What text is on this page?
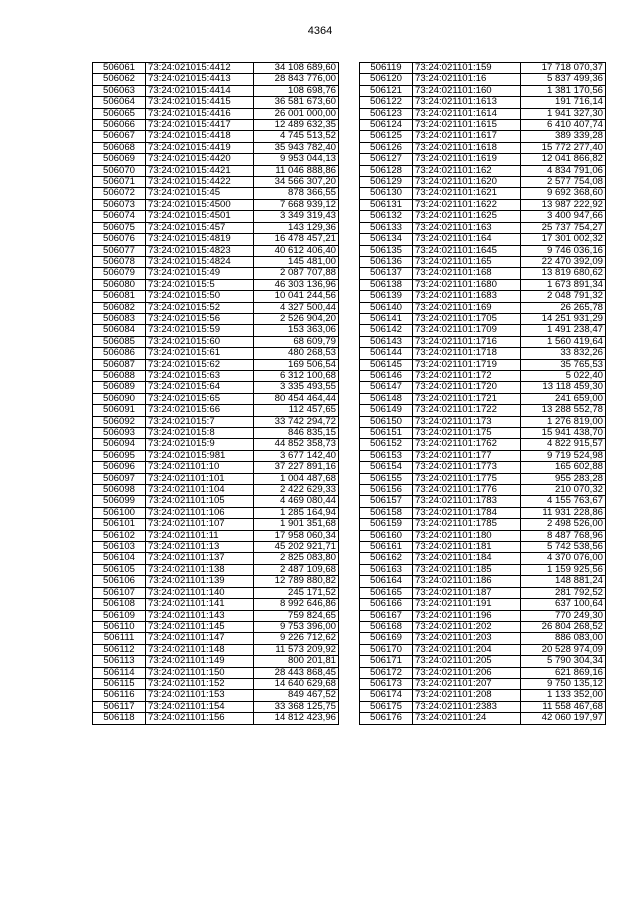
4364
506061	73:24:021015:4412	34 108 689,60
506062	73:24:021015:4413	28 843 776,00
506063	73:24:021015:4414	108 698,76
506064	73:24:021015:4415	36 581 673,60
506065	73:24:021015:4416	26 001 000,00
506066	73:24:021015:4417	12 489 632,35
506067	73:24:021015:4418	4 745 513,52
506068	73:24:021015:4419	35 943 782,40
506069	73:24:021015:4420	9 953 044,13
506070	73:24:021015:4421	11 046 888,86
506071	73:24:021015:4422	34 566 307,20
506072	73:24:021015:45	878 366,55
506073	73:24:021015:4500	7 668 939,12
506074	73:24:021015:4501	3 349 319,43
506075	73:24:021015:457	143 129,36
506076	73:24:021015:4819	16 478 457,21
506077	73:24:021015:4823	40 612 406,40
506078	73:24:021015:4824	145 481,00
506079	73:24:021015:49	2 087 707,88
506080	73:24:021015:5	46 303 136,96
506081	73:24:021015:50	10 041 244,56
506082	73:24:021015:52	4 327 500,44
506083	73:24:021015:56	2 526 904,20
506084	73:24:021015:59	153 363,06
506085	73:24:021015:60	68 609,79
506086	73:24:021015:61	480 268,53
506087	73:24:021015:62	169 506,54
506088	73:24:021015:63	6 312 100,68
506089	73:24:021015:64	3 335 493,55
506090	73:24:021015:65	80 454 464,44
506091	73:24:021015:66	112 457,65
506092	73:24:021015:7	33 742 294,72
506093	73:24:021015:8	846 835,15
506094	73:24:021015:9	44 852 358,73
506095	73:24:021015:981	3 677 142,40
506096	73:24:021101:10	37 227 891,16
506097	73:24:021101:101	1 004 487,68
506098	73:24:021101:104	2 422 629,33
506099	73:24:021101:105	4 469 080,44
506100	73:24:021101:106	1 285 164,94
506101	73:24:021101:107	1 901 351,68
506102	73:24:021101:11	17 958 060,34
506103	73:24:021101:13	45 202 921,71
506104	73:24:021101:137	2 825 083,80
506105	73:24:021101:138	2 487 109,68
506106	73:24:021101:139	12 789 880,82
506107	73:24:021101:140	245 171,52
506108	73:24:021101:141	8 992 646,86
506109	73:24:021101:143	759 824,65
506110	73:24:021101:145	9 753 396,00
506111	73:24:021101:147	9 226 712,62
506112	73:24:021101:148	11 573 209,92
506113	73:24:021101:149	800 201,81
506114	73:24:021101:150	28 443 868,45
506115	73:24:021101:152	14 640 629,68
506116	73:24:021101:153	849 467,52
506117	73:24:021101:154	33 368 125,75
506118	73:24:021101:156	14 812 423,96
506119	73:24:021101:159	17 718 070,37
506120	73:24:021101:16	5 837 499,36
506121	73:24:021101:160	1 381 170,56
506122	73:24:021101:1613	191 716,14
506123	73:24:021101:1614	1 941 327,30
506124	73:24:021101:1615	6 410 407,74
506125	73:24:021101:1617	389 339,28
506126	73:24:021101:1618	15 772 277,40
506127	73:24:021101:1619	12 041 866,82
506128	73:24:021101:162	4 834 791,06
506129	73:24:021101:1620	2 577 754,08
506130	73:24:021101:1621	9 692 368,60
506131	73:24:021101:1622	13 987 222,92
506132	73:24:021101:1625	3 400 947,66
506133	73:24:021101:163	25 737 754,27
506134	73:24:021101:164	17 301 002,32
506135	73:24:021101:1645	9 746 036,16
506136	73:24:021101:165	22 470 392,09
506137	73:24:021101:168	13 819 680,62
506138	73:24:021101:1680	1 673 891,34
506139	73:24:021101:1683	2 048 791,32
506140	73:24:021101:169	26 265,78
506141	73:24:021101:1705	14 251 931,29
506142	73:24:021101:1709	1 491 238,47
506143	73:24:021101:1716	1 560 419,64
506144	73:24:021101:1718	33 832,26
506145	73:24:021101:1719	35 765,53
506146	73:24:021101:172	5 022,40
506147	73:24:021101:1720	13 118 459,30
506148	73:24:021101:1721	241 659,00
506149	73:24:021101:1722	13 288 552,78
506150	73:24:021101:173	1 276 819,00
506151	73:24:021101:175	15 941 438,70
506152	73:24:021101:1762	4 822 915,57
506153	73:24:021101:177	9 719 524,98
506154	73:24:021101:1773	165 602,88
506155	73:24:021101:1775	955 283,28
506156	73:24:021101:1776	210 070,32
506157	73:24:021101:1783	4 155 763,67
506158	73:24:021101:1784	11 931 228,86
506159	73:24:021101:1785	2 498 526,00
506160	73:24:021101:180	8 487 768,96
506161	73:24:021101:181	5 742 538,56
506162	73:24:021101:184	4 370 076,00
506163	73:24:021101:185	1 159 925,56
506164	73:24:021101:186	148 881,24
506165	73:24:021101:187	281 792,52
506166	73:24:021101:191	637 100,64
506167	73:24:021101:196	770 249,30
506168	73:24:021101:202	26 804 268,52
506169	73:24:021101:203	886 083,00
506170	73:24:021101:204	20 528 974,09
506171	73:24:021101:205	5 790 304,34
506172	73:24:021101:206	621 869,16
506173	73:24:021101:207	9 750 135,12
506174	73:24:021101:208	1 133 352,00
506175	73:24:021101:2383	11 558 467,68
506176	73:24:021101:24	42 060 197,97
